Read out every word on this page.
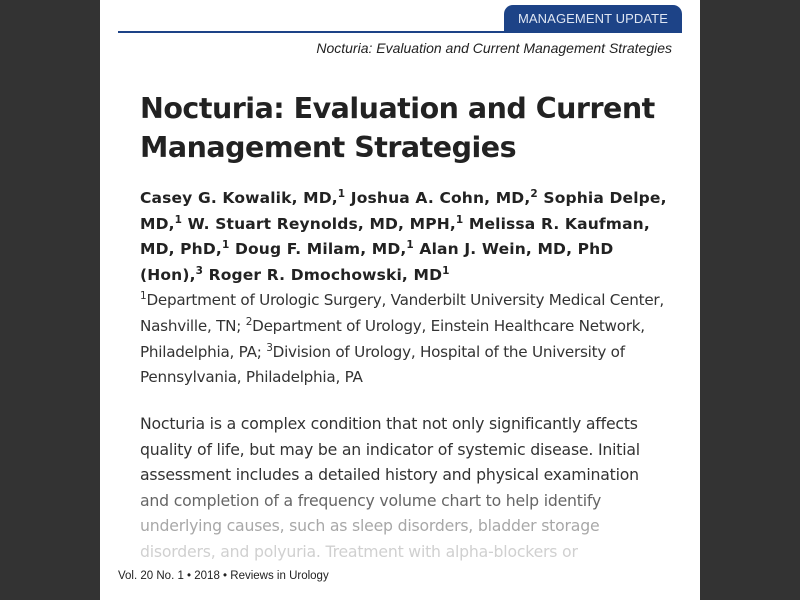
MANAGEMENT UPDATE
Nocturia: Evaluation and Current Management Strategies
Nocturia: Evaluation and Current
Management Strategies

Casey G. Kowalik, MD,$^1$ Joshua A. Cohn, MD,$^2$ Sophia Delpe, MD,$^1$ W. Stuart Reynolds, MD, MPH,$^1$ Melissa R. Kaufman, MD, PhD,$^1$ Doug F. Milam, MD,$^1$ Alan J. Wein, MD, PhD (Hon),$^3$ Roger R. Dmochowski, $MD^1$

$^1$Department of Urologic Surgery, Vanderbilt University Medical Center, Nashville, TN; $^2$Department of Urology, Einstein Healthcare Network, Philadelphia, PA; $^3$Division of Urology, Hospital of the University of Pennsylvania, Philadelphia, PA

Nocturia is a complex condition that not only significantly affects
quality of life, but may be an indicator of systemic disease. Initial
assessment includes a detailed history and physical examination
and completion of a frequency volume chart to help identify
underlying causes, such as sleep disorders, bladder storage
disorders, and polyuria. Treatment with alpha-blockers or

Vol. 20 No. 1 • 2018 • Reviews in Urology
